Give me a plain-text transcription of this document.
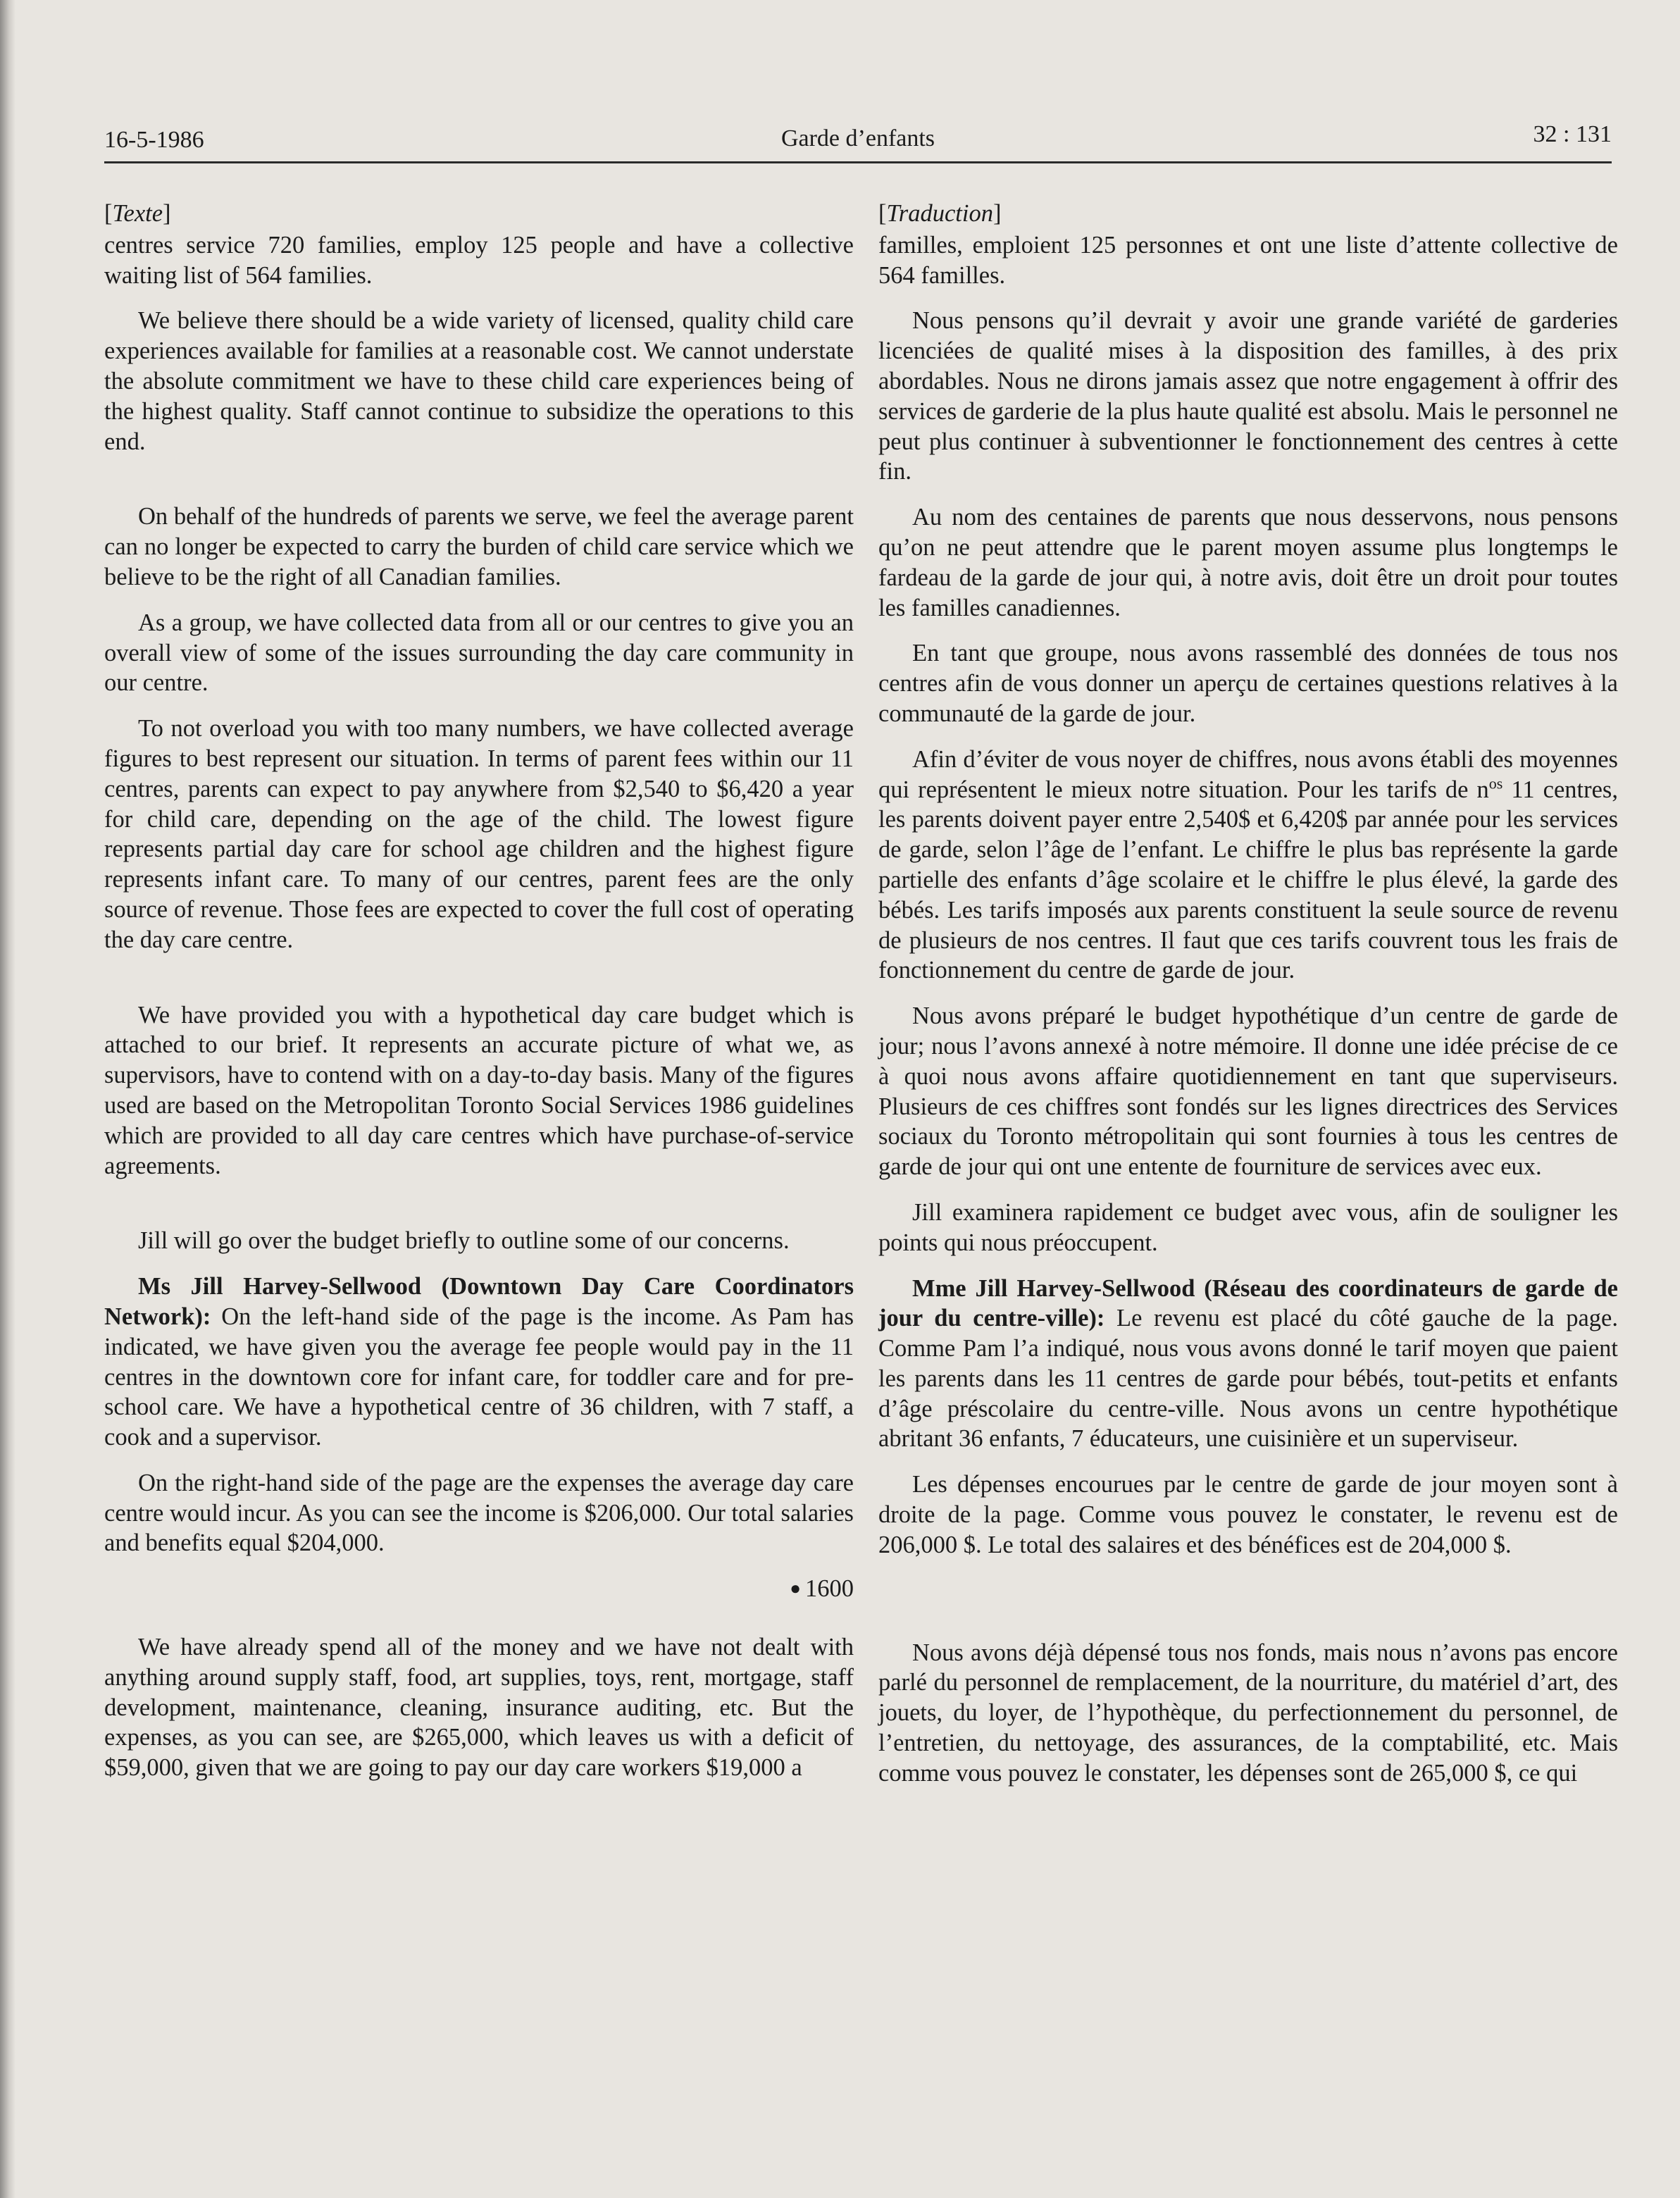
16-5-1986	Garde d’enfants	32 : 131
[Texte]

centres service 720 families, employ 125 people and have a collective waiting list of 564 families.

We believe there should be a wide variety of licensed, quality child care experiences available for families at a reasonable cost. We cannot understate the absolute commitment we have to these child care experiences being of the highest quality. Staff cannot continue to subsidize the operations to this end.

On behalf of the hundreds of parents we serve, we feel the average parent can no longer be expected to carry the burden of child care service which we believe to be the right of all Canadian families.

As a group, we have collected data from all or our centres to give you an overall view of some of the issues surrounding the day care community in our centre.

To not overload you with too many numbers, we have collected average figures to best represent our situation. In terms of parent fees within our 11 centres, parents can expect to pay anywhere from $2,540 to $6,420 a year for child care, depending on the age of the child. The lowest figure represents partial day care for school age children and the highest figure represents infant care. To many of our centres, parent fees are the only source of revenue. Those fees are expected to cover the full cost of operating the day care centre.

We have provided you with a hypothetical day care budget which is attached to our brief. It represents an accurate picture of what we, as supervisors, have to contend with on a day-to-day basis. Many of the figures used are based on the Metropolitan Toronto Social Services 1986 guidelines which are provided to all day care centres which have purchase-of-service agreements.

Jill will go over the budget briefly to outline some of our concerns.

Ms Jill Harvey-Sellwood (Downtown Day Care Coordinators Network): On the left-hand side of the page is the income. As Pam has indicated, we have given you the average fee people would pay in the 11 centres in the downtown core for infant care, for toddler care and for pre-school care. We have a hypothetical centre of 36 children, with 7 staff, a cook and a supervisor.

On the right-hand side of the page are the expenses the average day care centre would incur. As you can see the income is $206,000. Our total salaries and benefits equal $204,000.

● 1600

We have already spend all of the money and we have not dealt with anything around supply staff, food, art supplies, toys, rent, mortgage, staff development, maintenance, cleaning, insurance auditing, etc. But the expenses, as you can see, are $265,000, which leaves us with a deficit of $59,000, given that we are going to pay our day care workers $19,000 a

[Traduction]

familles, emploient 125 personnes et ont une liste d’attente collective de 564 familles.

Nous pensons qu’il devrait y avoir une grande variété de garderies licenciées de qualité mises à la disposition des familles, à des prix abordables. Nous ne dirons jamais assez que notre engagement à offrir des services de garderie de la plus haute qualité est absolu. Mais le personnel ne peut plus continuer à subventionner le fonctionnement des centres à cette fin.

Au nom des centaines de parents que nous desservons, nous pensons qu’on ne peut attendre que le parent moyen assume plus longtemps le fardeau de la garde de jour qui, à notre avis, doit être un droit pour toutes les familles canadiennes.

En tant que groupe, nous avons rassemblé des données de tous nos centres afin de vous donner un aperçu de certaines questions relatives à la communauté de la garde de jour.

Afin d’éviter de vous noyer de chiffres, nous avons établi des moyennes qui représentent le mieux notre situation. Pour les tarifs de $n^{os}$ 11 centres, les parents doivent payer entre 2,540$ et 6,420$ par année pour les services de garde, selon l’âge de l’enfant. Le chiffre le plus bas représente la garde partielle des enfants d’âge scolaire et le chiffre le plus élevé, la garde des bébés. Les tarifs imposés aux parents constituent la seule source de revenu de plusieurs de nos centres. Il faut que ces tarifs couvrent tous les frais de fonctionnement du centre de garde de jour.

Nous avons préparé le budget hypothétique d’un centre de garde de jour; nous l’avons annexé à notre mémoire. Il donne une idée précise de ce à quoi nous avons affaire quotidiennement en tant que superviseurs. Plusieurs de ces chiffres sont fondés sur les lignes directrices des Services sociaux du Toronto métropolitain qui sont fournies à tous les centres de garde de jour qui ont une entente de fourniture de services avec eux.

Jill examinera rapidement ce budget avec vous, afin de souligner les points qui nous préoccupent.

Mme Jill Harvey-Sellwood (Réseau des coordinateurs de garde de jour du centre-ville): Le revenu est placé du côté gauche de la page. Comme Pam l’a indiqué, nous vous avons donné le tarif moyen que paient les parents dans les 11 centres de garde pour bébés, tout-petits et enfants d’âge préscolaire du centre-ville. Nous avons un centre hypothétique abritant 36 enfants, 7 éducateurs, une cuisinière et un superviseur.

Les dépenses encourues par le centre de garde de jour moyen sont à droite de la page. Comme vous pouvez le constater, le revenu est de 206,000 $. Le total des salaires et des bénéfices est de 204,000 $.

Nous avons déjà dépensé tous nos fonds, mais nous n’avons pas encore parlé du personnel de remplacement, de la nourriture, du matériel d’art, des jouets, du loyer, de l’hypothèque, du perfectionnement du personnel, de l’entretien, du nettoyage, des assurances, de la comptabilité, etc. Mais comme vous pouvez le constater, les dépenses sont de 265,000 $, ce qui
